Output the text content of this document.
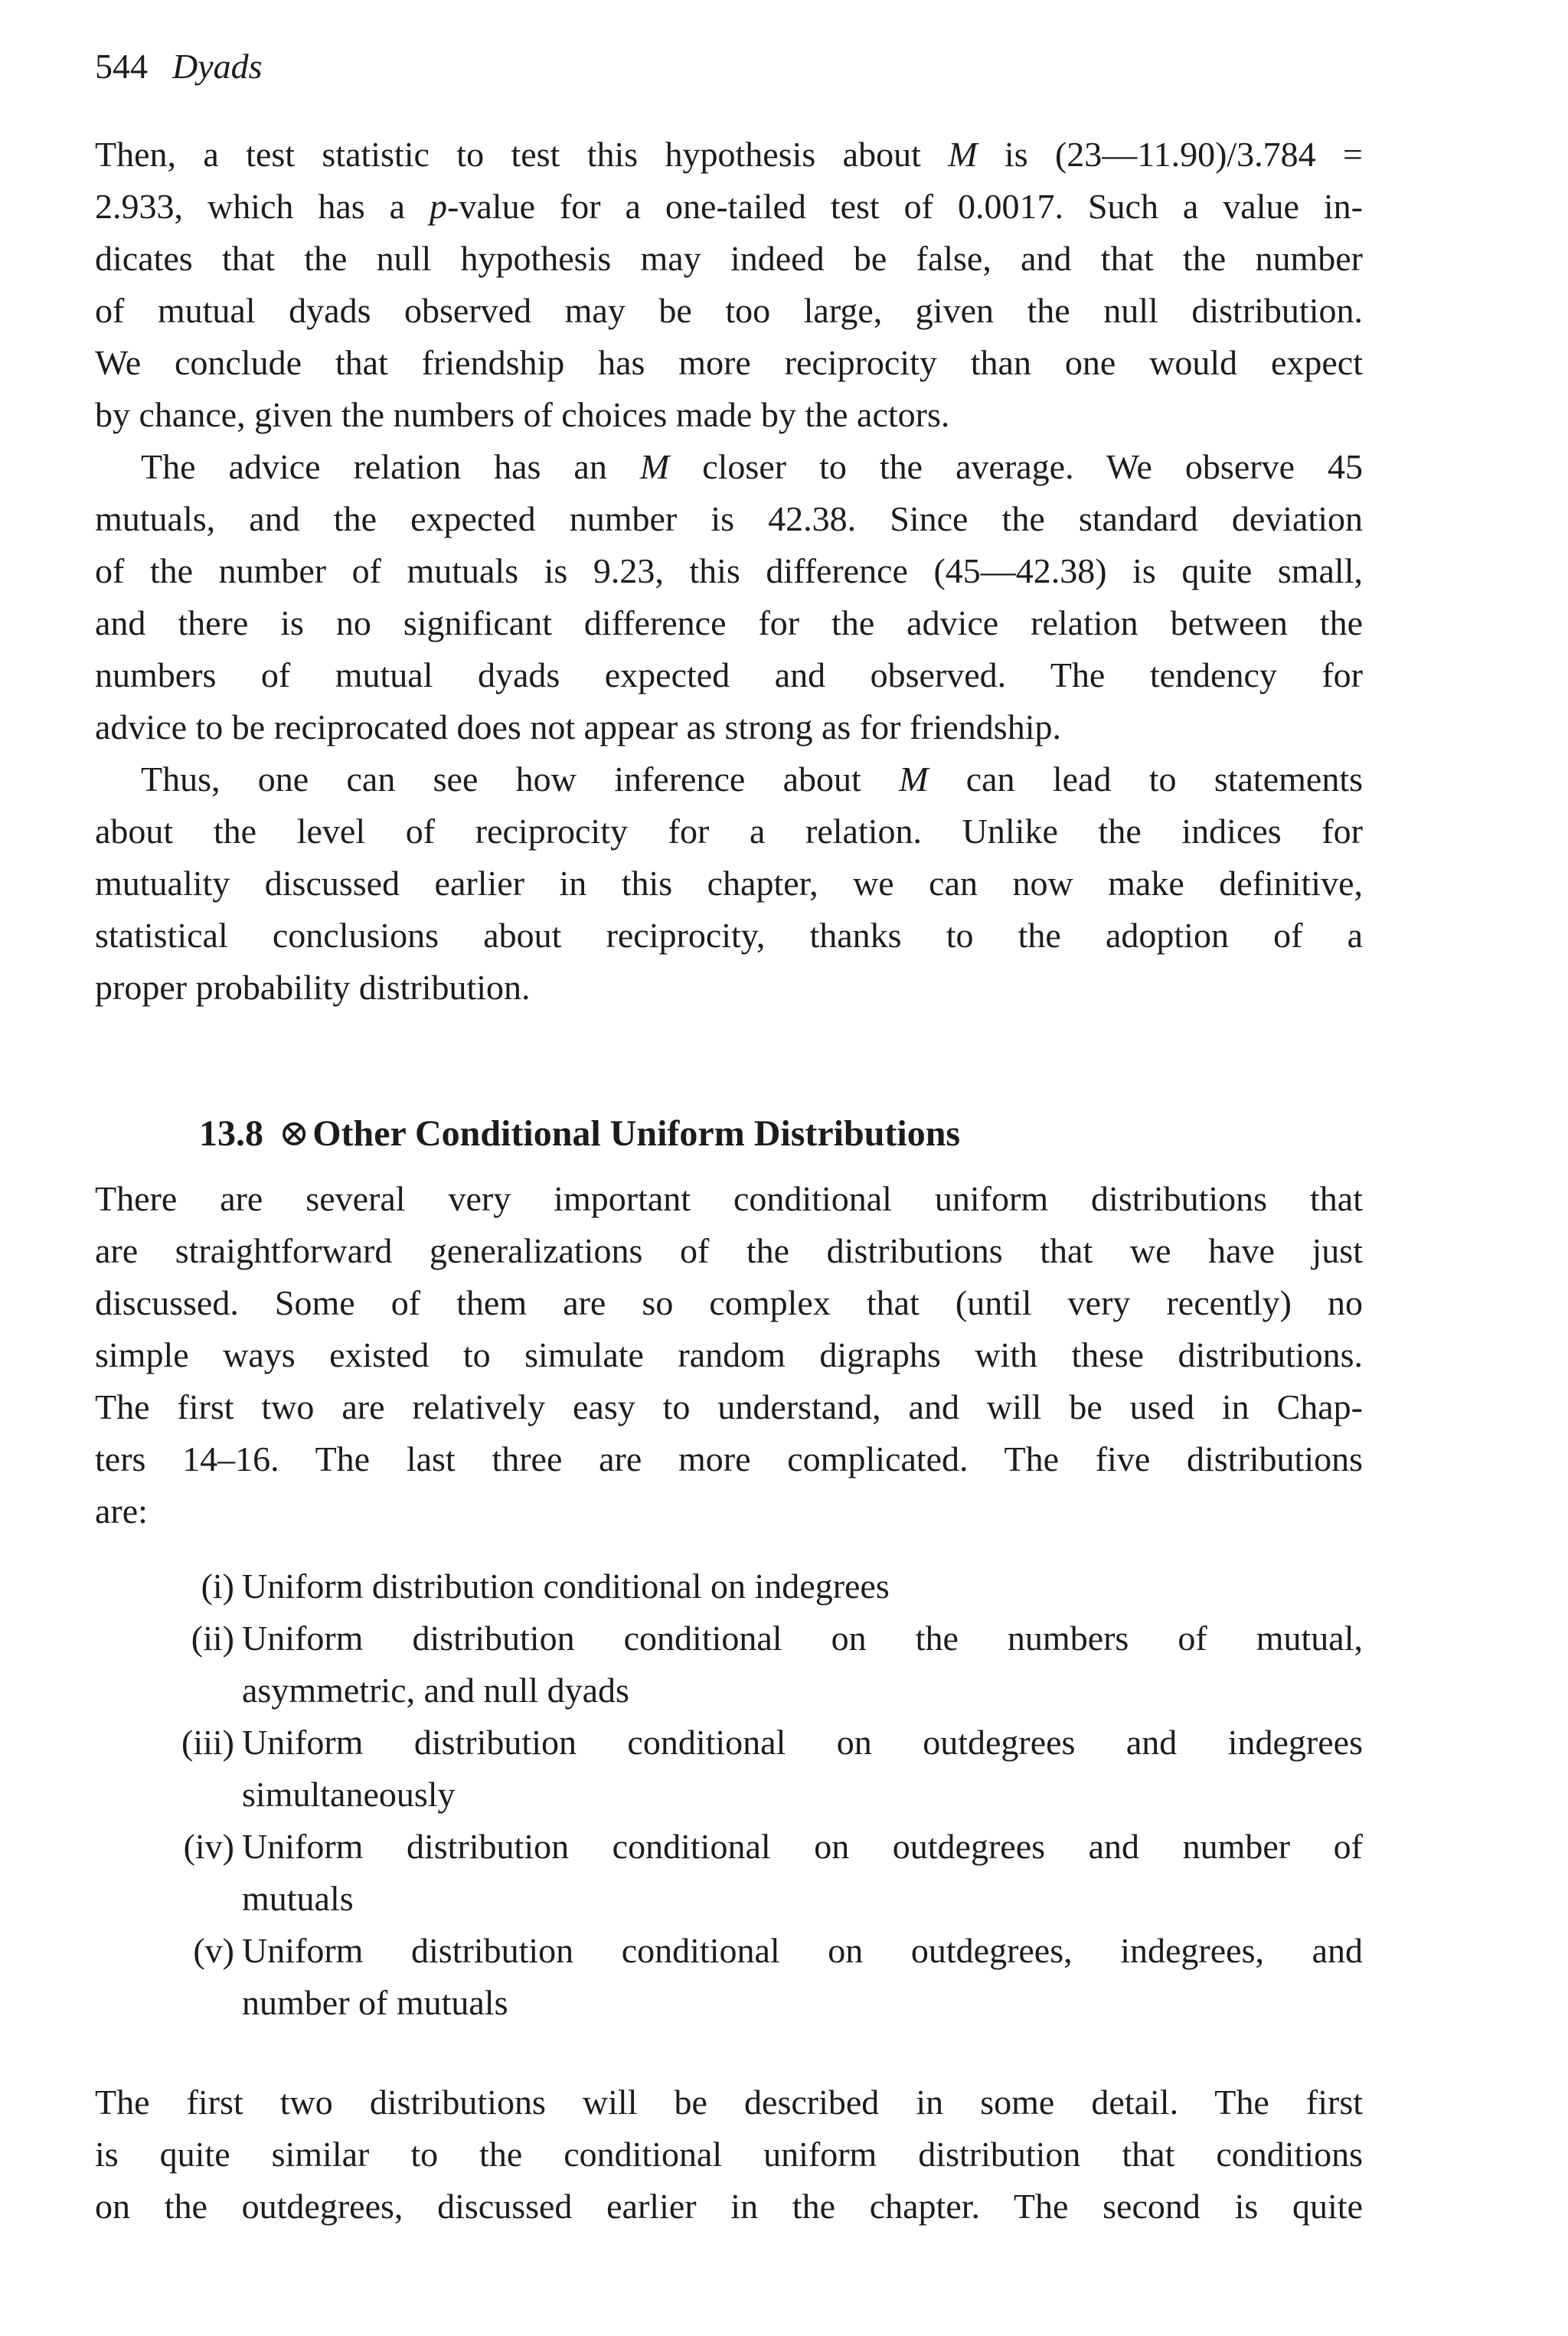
544 Dyads
Then, a test statistic to test this hypothesis about M is (23—11.90)/3.784 =
2.933, which has a p-value for a one-tailed test of 0.0017. Such a value in-
dicates that the null hypothesis may indeed be false, and that the number
of mutual dyads observed may be too large, given the null distribution.
We conclude that friendship has more reciprocity than one would expect
by chance, given the numbers of choices made by the actors.
The advice relation has an M closer to the average. We observe 45
mutuals, and the expected number is 42.38. Since the standard deviation
of the number of mutuals is 9.23, this difference (45—42.38) is quite small,
and there is no significant difference for the advice relation between the
numbers of mutual dyads expected and observed. The tendency for
advice to be reciprocated does not appear as strong as for friendship.
Thus, one can see how inference about M can lead to statements
about the level of reciprocity for a relation. Unlike the indices for
mutuality discussed earlier in this chapter, we can now make definitive,
statistical conclusions about reciprocity, thanks to the adoption of a
proper probability distribution.
13.8 ⊗Other Conditional Uniform Distributions
There are several very important conditional uniform distributions that
are straightforward generalizations of the distributions that we have just
discussed. Some of them are so complex that (until very recently) no
simple ways existed to simulate random digraphs with these distributions.
The first two are relatively easy to understand, and will be used in Chap-
ters 14–16. The last three are more complicated. The five distributions
are:
(i) Uniform distribution conditional on indegrees
(ii) Uniform distribution conditional on the numbers of mutual,
asymmetric, and null dyads
(iii) Uniform distribution conditional on outdegrees and indegrees
simultaneously
(iv) Uniform distribution conditional on outdegrees and number of
mutuals
(v) Uniform distribution conditional on outdegrees, indegrees, and
number of mutuals
The first two distributions will be described in some detail. The first
is quite similar to the conditional uniform distribution that conditions
on the outdegrees, discussed earlier in the chapter. The second is quite
